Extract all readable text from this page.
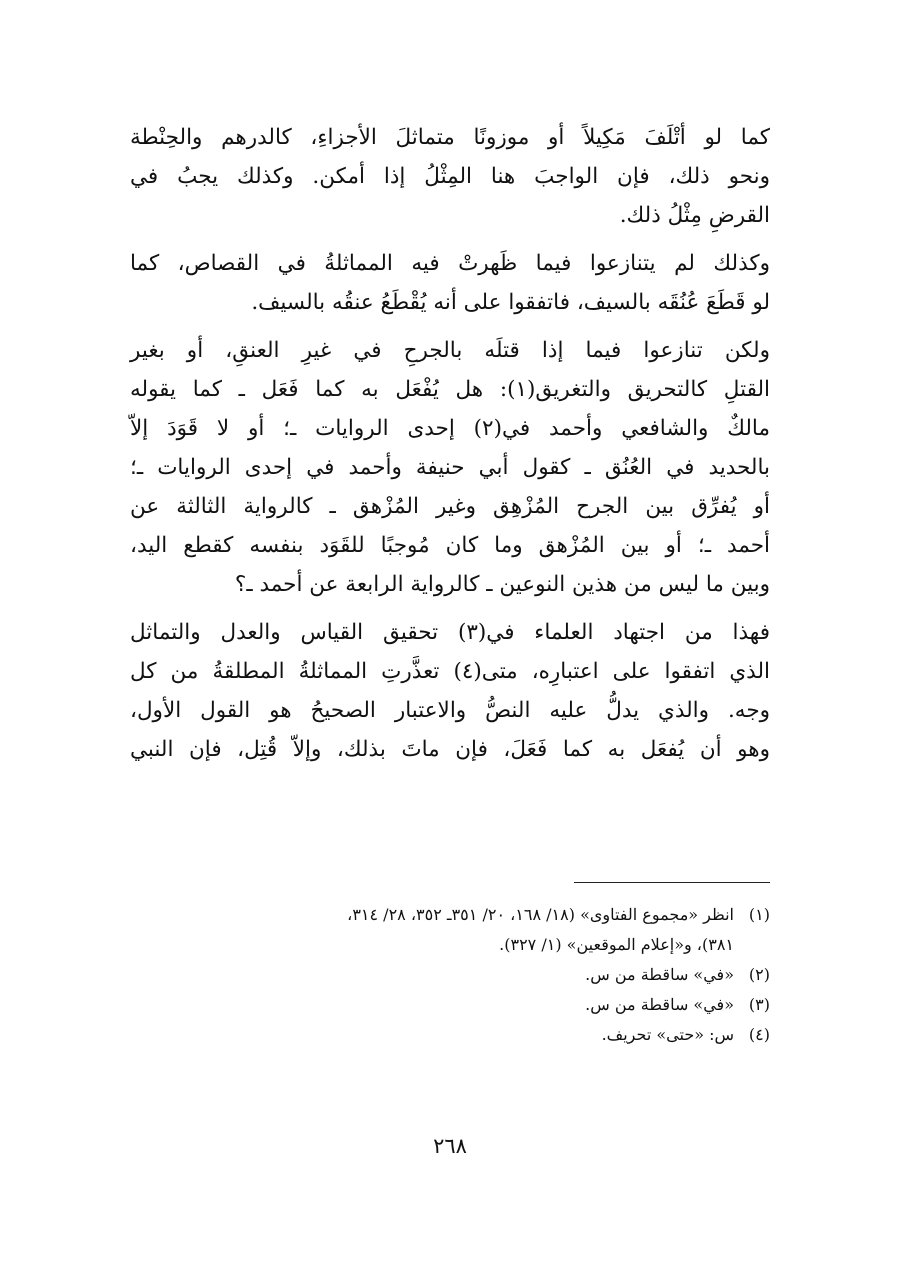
كما لو أتْلَفَ مَكِيلاً أو موزونًا متماثلَ الأجزاءِ، كالدرهم والحِنْطة
ونحو ذلك، فإن الواجبَ هنا المِثْلُ إذا أمكن. وكذلك يجبُ في
القرضِ مِثْلُ ذلك.
وكذلك لم يتنازعوا فيما ظَهرتْ فيه المماثلةُ في القصاص، كما
لو قَطَعَ عُنُقَه بالسيف، فاتفقوا على أنه يُقْطَعُ عنقُه بالسيف.
ولكن تنازعوا فيما إذا قتلَه بالجرحِ في غيرِ العنقِ، أو بغير
القتلِ كالتحريق والتغريق(١): هل يُفْعَل به كما فَعَل ـ كما يقوله
مالكٌ والشافعي وأحمد في(٢) إحدى الروايات ـ؛ أو لا قَوَدَ إلاّ
بالحديد في العُنُق ـ كقول أبي حنيفة وأحمد في إحدى الروايات ـ؛
أو يُفرِّق بين الجرح المُزْهِق وغير المُزْهق ـ كالرواية الثالثة عن
أحمد ـ؛ أو بين المُزْهق وما كان مُوجبًا للقَوَد بنفسه كقطع اليد،
وبين ما ليس من هذين النوعين ـ كالرواية الرابعة عن أحمد ـ؟
فهذا من اجتهاد العلماء في(٣) تحقيق القياس والعدل والتماثل
الذي اتفقوا على اعتبارِه، متى(٤) تعذَّرتِ المماثلةُ المطلقةُ من كل
وجه. والذي يدلُّ عليه النصُّ والاعتبار الصحيحُ هو القول الأول،
وهو أن يُفعَل به كما فَعَلَ، فإن ماتَ بذلك، وإلاّ قُتِل، فإن النبي
(١)انظر «مجموع الفتاوى» (١٨/ ١٦٨، ٢٠/ ٣٥١ـ ٣٥٢، ٢٨/ ٣١٤،
٣٨١)، و«إعلام الموقعين» (١/ ٣٢٧).
(٢)«في» ساقطة من س.
(٣)«في» ساقطة من س.
(٤)س: «حتى» تحريف.
٢٦٨
